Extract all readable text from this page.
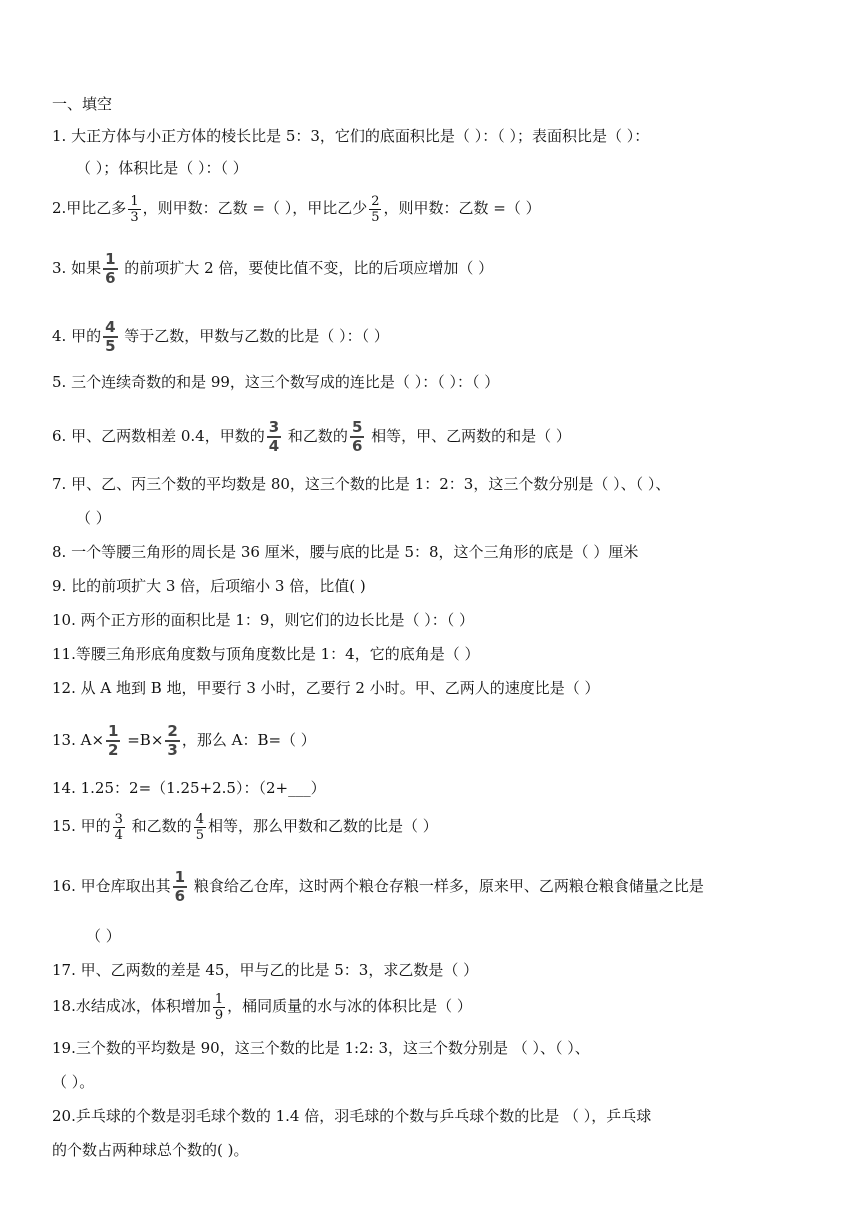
一、填空
1. 大正方体与小正方体的棱长比是 5：3，它们的底面积比是（ ）：（ ）；表面积比是（ ）：
（ ）；体积比是（ ）：（ ）
2.甲比乙多 $\frac{1}{3}$ ，则甲数：乙数 =（ ），甲比乙少 $\frac{2}{5}$ ，则甲数：乙数 =（ ）
3. 如果 $\frac{1}{6}$ 的前项扩大 2 倍，要使比值不变，比的后项应增加（ ）
4. 甲的 $\frac{4}{5}$ 等于乙数，甲数与乙数的比是（ ）：（ ）
5. 三个连续奇数的和是 99，这三个数写成的连比是（ ）：（ ）：（ ）
6. 甲、乙两数相差 0.4，甲数的 $\frac{3}{4}$ 和乙数的 $\frac{5}{6}$ 相等，甲、乙两数的和是（ ）
7. 甲、乙、丙三个数的平均数是 80，这三个数的比是 1：2：3，这三个数分别是（ ）、（ ）、
（ ）
8. 一个等腰三角形的周长是 36 厘米，腰与底的比是 5：8，这个三角形的底是（ ）厘米
9. 比的前项扩大 3 倍，后项缩小 3 倍，比值( )
10. 两个正方形的面积比是 1：9，则它们的边长比是（ ）：（ ）
11.等腰三角形底角度数与顶角度数比是 1：4，它的底角是（ ）
12. 从 A 地到 B 地，甲要行 3 小时，乙要行 2 小时。甲、乙两人的速度比是（ ）
13. $A\times \frac{1}{2} =B\times \frac{2}{3}$ ，那么 A：B=（ ）
14. 1.25：2=（1.25+2.5）：（2+___）
15. 甲的 $\frac{3}{4}$ 和乙数的 $\frac{4}{5}$ 相等，那么甲数和乙数的比是（ ）
16. 甲仓库取出其 $\frac{1}{6}$ 粮食给乙仓库，这时两个粮仓存粮一样多，原来甲、乙两粮仓粮食储量之比是
（ ）
17. 甲、乙两数的差是 45，甲与乙的比是 5：3，求乙数是（ ）
18.水结成冰，体积增加 $\frac{1}{9}$ ，桶同质量的水与冰的体积比是（ ）
19.三个数的平均数是 90，这三个数的比是 1:2: 3，这三个数分别是 （ ）、（ ）、
（ ）。
20.乒乓球的个数是羽毛球个数的 1.4 倍，羽毛球的个数与乒乓球个数的比是 （ ），乒乓球
的个数占两种球总个数的( )。
